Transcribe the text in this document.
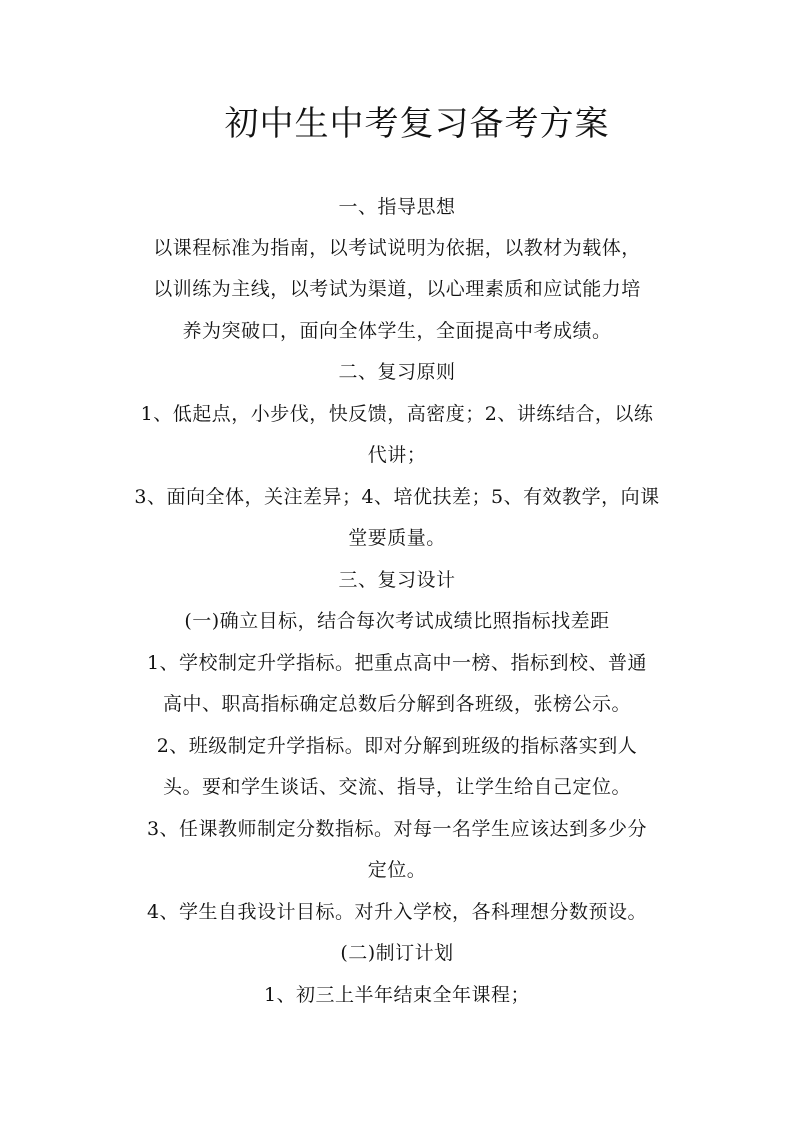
初中生中考复习备考方案
一、指导思想
以课程标准为指南，以考试说明为依据，以教材为载体，
以训练为主线，以考试为渠道，以心理素质和应试能力培
养为突破口，面向全体学生，全面提高中考成绩。
二、复习原则
1、低起点，小步伐，快反馈，高密度；2、讲练结合，以练
代讲；
3、面向全体，关注差异；4、培优扶差；5、有效教学，向课
堂要质量。
三、复习设计
(一)确立目标，结合每次考试成绩比照指标找差距
1、学校制定升学指标。把重点高中一榜、指标到校、普通
高中、职高指标确定总数后分解到各班级，张榜公示。
2、班级制定升学指标。即对分解到班级的指标落实到人
头。要和学生谈话、交流、指导，让学生给自己定位。
3、任课教师制定分数指标。对每一名学生应该达到多少分
定位。
4、学生自我设计目标。对升入学校，各科理想分数预设。
(二)制订计划
1、初三上半年结束全年课程；
